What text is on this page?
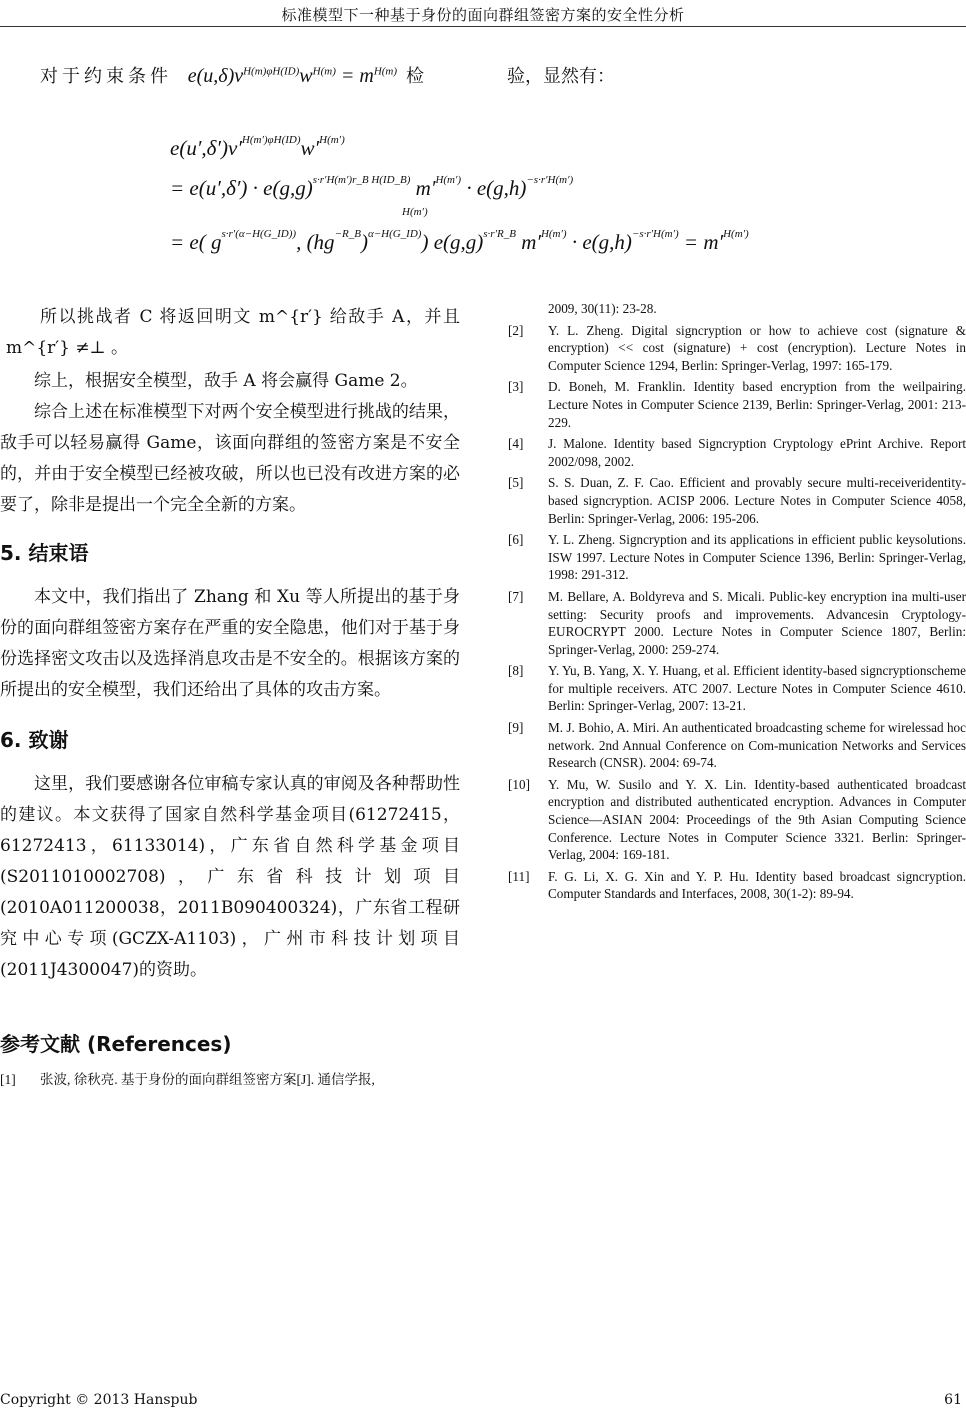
标准模型下一种基于身份的面向群组签密方案的安全性分析
对于约束条件 $e(u,\delta)v^{H(m)\varphi H(ID)}w^{H(m)} = m^{H(m)}$ 检	验，显然有：
$e(u',\delta')v'^{H(m')\varphi H(ID)}w'^{H(m')}$
= $e(u',\delta') \cdot e(g,g)^{s\cdot r'H(m')r\_B H(ID\_B)}$ $m'^{H(m')} \cdot e(g,h)^{-s\cdot r'H(m')}$
H(m′)
= e( $g^{s\cdot r'(\alpha-H(G\_ID))}$, $(hg^{-R\_B})^{\alpha-H(G\_ID)}$) $e(g,g)^{s\cdot r'R\_B}$ $m'^{H(m')} \cdot e(g,h)^{-s\cdot r'H(m')} = m'^{H(m')}$

所以挑战者 C 将返回明文 m^{r′} 给敌手 A，并且 m^{r′} ≠⊥ 。

综上，根据安全模型，敌手 A 将会赢得 Game 2。

综合上述在标准模型下对两个安全模型进行挑战的结果，敌手可以轻易赢得 Game，该面向群组的签密方案是不安全的，并由于安全模型已经被攻破，所以也已没有改进方案的必要了，除非是提出一个完全全新的方案。

5. 结束语

本文中，我们指出了 Zhang 和 Xu 等人所提出的基于身份的面向群组签密方案存在严重的安全隐患，他们对于基于身份选择密文攻击以及选择消息攻击是不安全的。根据该方案的所提出的安全模型，我们还给出了具体的攻击方案。

6. 致谢

这里，我们要感谢各位审稿专家认真的审阅及各种帮助性的建议。本文获得了国家自然科学基金项目(61272415，61272413，61133014)，广东省自然科学基金项目(S2011010002708)，广东省科技计划项目(2010A011200038，2011B090400324)，广东省工程研究中心专项(GCZX-A1103)，广州市科技计划项目(2011J4300047)的资助。

参考文献 (References)

[1]	张波, 徐秋亮. 基于身份的面向群组签密方案[J]. 通信学报,
2009, 30(11): 23-28.
[2]	Y. L. Zheng. Digital signcryption or how to achieve cost (signature & encryption) << cost (signature) + cost (encryption). Lecture Notes in Computer Science 1294, Berlin: Springer-Verlag, 1997: 165-179.
[3]	D. Boneh, M. Franklin. Identity based encryption from the weilpairing. Lecture Notes in Computer Science 2139, Berlin: Springer-Verlag, 2001: 213-229.
[4]	J. Malone. Identity based Signcryption Cryptology ePrint Archive. Report 2002/098, 2002.
[5]	S. S. Duan, Z. F. Cao. Efficient and provably secure multi-receiveridentity-based signcryption. ACISP 2006. Lecture Notes in Computer Science 4058, Berlin: Springer-Verlag, 2006: 195-206.
[6]	Y. L. Zheng. Signcryption and its applications in efficient public keysolutions. ISW 1997. Lecture Notes in Computer Science 1396, Berlin: Springer-Verlag, 1998: 291-312.
[7]	M. Bellare, A. Boldyreva and S. Micali. Public-key encryption ina multi-user setting: Security proofs and improvements. Advancesin Cryptology-EUROCRYPT 2000. Lecture Notes in Computer Science 1807, Berlin: Springer-Verlag, 2000: 259-274.
[8]	Y. Yu, B. Yang, X. Y. Huang, et al. Efficient identity-based signcryptionscheme for multiple receivers. ATC 2007. Lecture Notes in Computer Science 4610. Berlin: Springer-Verlag, 2007: 13-21.
[9]	M. J. Bohio, A. Miri. An authenticated broadcasting scheme for wirelessad hoc network. 2nd Annual Conference on Com-munication Networks and Services Research (CNSR). 2004: 69-74.
[10]	Y. Mu, W. Susilo and Y. X. Lin. Identity-based authenticated broadcast encryption and distributed authenticated encryption. Advances in Computer Science—ASIAN 2004: Proceedings of the 9th Asian Computing Science Conference. Lecture Notes in Computer Science 3321. Berlin: Springer-Verlag, 2004: 169-181.
[11]	F. G. Li, X. G. Xin and Y. P. Hu. Identity based broadcast signcryption. Computer Standards and Interfaces, 2008, 30(1-2): 89-94.
Copyright © 2013 Hanspub	61
